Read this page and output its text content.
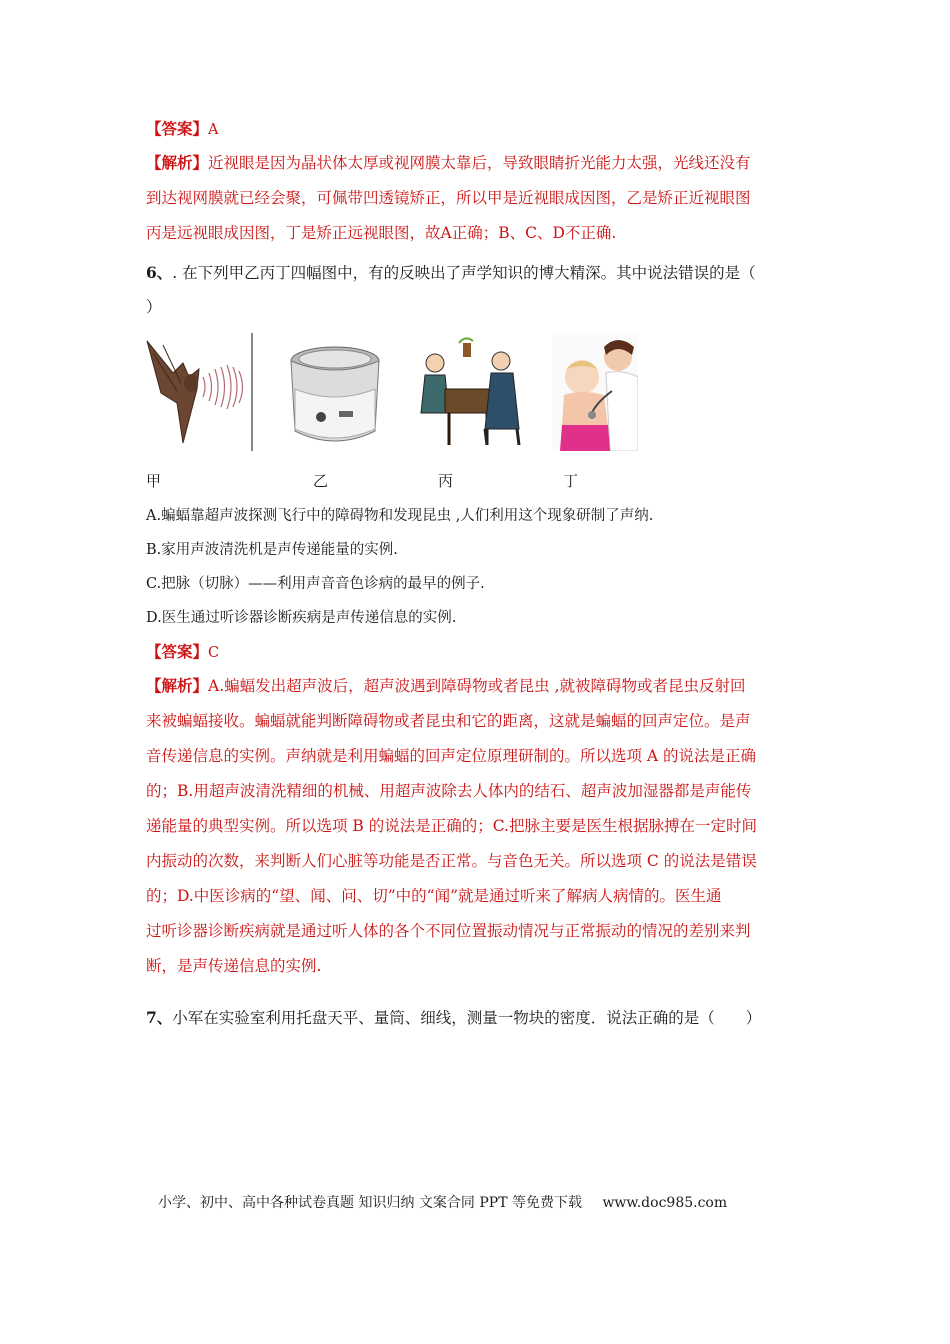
【答案】A
【解析】近视眼是因为晶状体太厚或视网膜太靠后，导致眼睛折光能力太强，光线还没有
到达视网膜就已经会聚，可佩带凹透镜矫正，所以甲是近视眼成因图，乙是矫正近视眼图
丙是远视眼成因图，丁是矫正远视眼图，故A正确；B、C、D不正确.
6、. 在下列甲乙丙丁四幅图中，有的反映出了声学知识的博大精深。其中说法错误的是（
）
甲	乙	丙	丁
A.蝙蝠靠超声波探测飞行中的障碍物和发现昆虫 ,人们利用这个现象研制了声纳.
B.家用声波清洗机是声传递能量的实例.
C.把脉（切脉）——利用声音音色诊病的最早的例子.
D.医生通过听诊器诊断疾病是声传递信息的实例.
【答案】C
【解析】A.蝙蝠发出超声波后，超声波遇到障碍物或者昆虫 ,就被障碍物或者昆虫反射回
来被蝙蝠接收。蝙蝠就能判断障碍物或者昆虫和它的距离，这就是蝙蝠的回声定位。是声
音传递信息的实例。声纳就是利用蝙蝠的回声定位原理研制的。所以选项 A 的说法是正确
的；B.用超声波清洗精细的机械、用超声波除去人体内的结石、超声波加湿器都是声能传
递能量的典型实例。所以选项 B 的说法是正确的；C.把脉主要是医生根据脉搏在一定时间
内振动的次数，来判断人们心脏等功能是否正常。与音色无关。所以选项 C 的说法是错误
的；D.中医诊病的“望、闻、问、切”中的“闻”就是通过听来了解病人病情的。医生通
过听诊器诊断疾病就是通过听人体的各个不同位置振动情况与正常振动的情况的差别来判
断，是声传递信息的实例.
7、小军在实验室利用托盘天平、量筒、细线，测量一物块的密度．说法正确的是（　　）
小学、初中、高中各种试卷真题 知识归纳 文案合同 PPT 等免费下载 www.doc985.com
